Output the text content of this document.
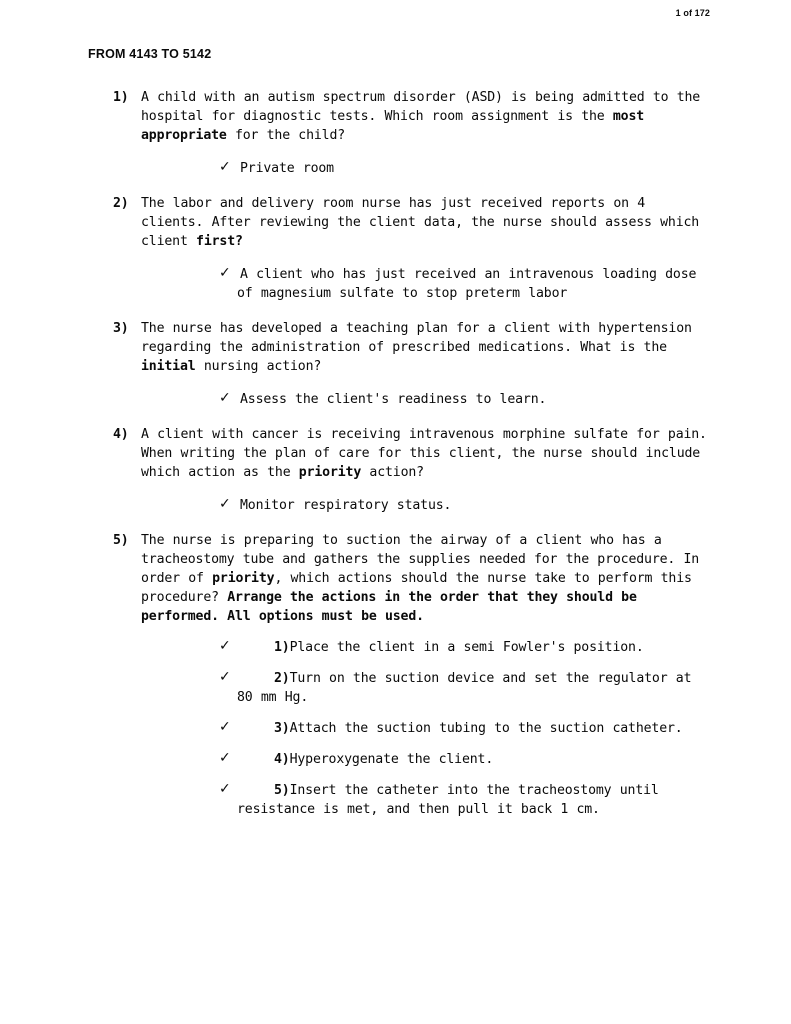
1 of 172
FROM 4143 TO 5142
1) A child with an autism spectrum disorder (ASD) is being admitted to the hospital for diagnostic tests. Which room assignment is the most appropriate for the child?
✓ Private room
2) The labor and delivery room nurse has just received reports on 4 clients. After reviewing the client data, the nurse should assess which client first?
✓ A client who has just received an intravenous loading dose of magnesium sulfate to stop preterm labor
3) The nurse has developed a teaching plan for a client with hypertension regarding the administration of prescribed medications. What is the initial nursing action?
✓ Assess the client's readiness to learn.
4) A client with cancer is receiving intravenous morphine sulfate for pain. When writing the plan of care for this client, the nurse should include which action as the priority action?
✓ Monitor respiratory status.
5) The nurse is preparing to suction the airway of a client who has a tracheostomy tube and gathers the supplies needed for the procedure. In order of priority, which actions should the nurse take to perform this procedure? Arrange the actions in the order that they should be performed. All options must be used.
✓	1)Place the client in a semi Fowler's position.
✓	2)Turn on the suction device and set the regulator at 80 mm Hg.
✓	3)Attach the suction tubing to the suction catheter.
✓	4)Hyperoxygenate the client.
✓	5)Insert the catheter into the tracheostomy until resistance is met, and then pull it back 1 cm.
